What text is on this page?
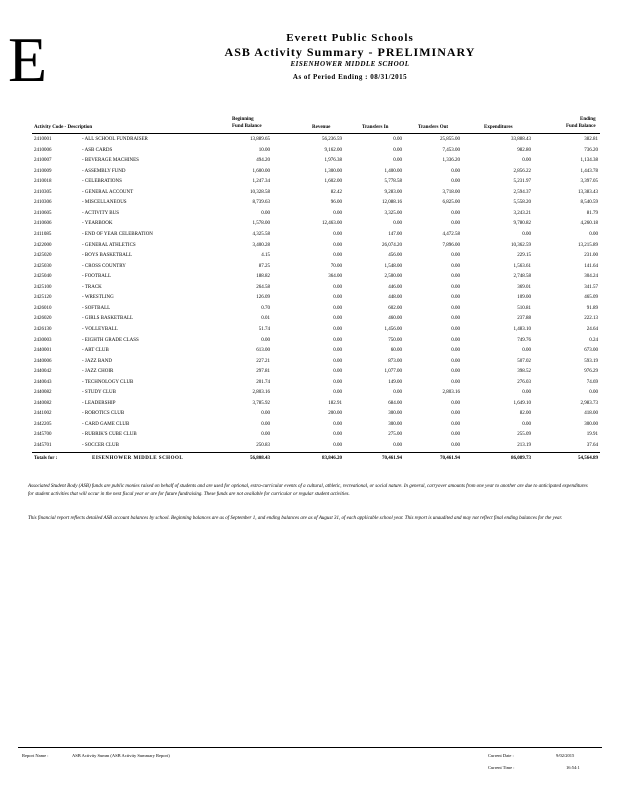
E	Everett Public Schools
ASB Activity Summary - PRELIMINARY
EISENHOWER MIDDLE SCHOOL
As of Period Ending : 08/31/2015
Activity Code - Description
Beginning
Fund Balance	Revenue	Transfers In	Transfers Out	Expenditures
Ending
Fund Balance
2410001	- ALL SCHOOL FUNDRAISER	13,889.65	56,236.59	0.00	25,855.00	33,888.43	382.81
2410006	- ASB CARDS	10.00	9,162.00	0.00	7,453.00	982.80	736.20
2410007	- BEVERAGE MACHINES	494.20	1,976.38	0.00	1,336.20	0.00	1,134.38
2410009	- ASSEMBLY FUND	1,600.00	1,300.00	1,400.00	0.00	2,856.22	1,443.78
2410018	- CELEBRATIONS	1,247.34	1,602.00	5,778.58	0.00	5,231.97	3,397.05
2410305	- GENERAL ACCOUNT	10,328.58	82.42	9,283.00	3,718.00	2,594.37	13,383.43
2410306	- MISCELLANEOUS	8,739.63	96.00	12,088.16	6,825.00	5,558.20	8,540.59
2410605	- ACTIVITY BUS	0.00	0.00	3,325.00	0.00	3,243.21	81.79
2410606	- YEARBOOK	1,578.00	12,463.00	0.00	0.00	9,780.82	4,260.18
2411085	- END OF YEAR CELEBRATION	4,325.58	0.00	147.00	4,472.58	0.00	0.00
2422000	- GENERAL ATHLETICS	3,400.28	0.00	26,074.20	7,896.00	10,362.59	13,215.89
2425020	- BOYS BASKETBALL	4.15	0.00	456.00	0.00	229.15	231.00
2425030	- CROSS COUNTRY	87.25	70.00	1,548.00	0.00	1,563.61	141.64
2425040	- FOOTBALL	188.82	364.00	2,500.00	0.00	2,748.58	304.24
2425100	- TRACK	264.58	0.00	446.00	0.00	369.01	341.57
2425120	- WRESTLING	126.09	0.00	448.00	0.00	109.00	465.09
2426010	- SOFTBALL	0.70	0.00	602.00	0.00	510.81	91.89
2426020	- GIRLS BASKETBALL	0.01	0.00	460.00	0.00	237.88	222.13
2426130	- VOLLEYBALL	51.74	0.00	1,456.00	0.00	1,483.10	24.64
2430003	- EIGHTH GRADE CLASS	0.00	0.00	750.00	0.00	749.76	0.24
2440001	- ART CLUB	613.00	0.00	60.00	0.00	0.00	673.00
2440006	- JAZZ BAND	227.21	0.00	873.00	0.00	507.02	593.19
2440042	- JAZZ CHOIR	297.81	0.00	1,077.00	0.00	398.52	976.29
2440043	- TECHNOLOGY CLUB	201.74	0.00	149.00	0.00	276.03	74.69
2440082	- STUDY CLUB	2,803.16	0.00	0.00	2,803.16	0.00	0.00
2440082	- LEADERSHIP	3,785.92	182.91	684.00	0.00	1,649.10	2,983.73
2441002	- ROBOTICS CLUB	0.00	200.00	300.00	0.00	82.00	418.00
2442205	- CARD GAME CLUB	0.00	0.00	300.00	0.00	0.00	300.00
2445700	- RUBRIK'S CUBE CLUB	0.00	0.00	275.00	0.00	255.09	19.91
2445701	- SOCCER CLUB	250.83	0.00	0.00	0.00	213.19	37.64
Totals for :	EISENHOWER MIDDLE SCHOOL	56,808.43	83,846.20	70,461.94	70,461.94	86,089.73	54,564.89
Associated Student Body (ASB) funds are public monies raised on behalf of students and are used for optional, extra-curricular events of a cultural, athletic, recreational, or social nature. In general, carryover amounts from one year to another are due to anticipated expenditures for student activities that will occur in the next fiscal year or are for future fundraising. These funds are not available for curricular or regular student activities.
This financial report reflects detailed ASB account balances by school. Beginning balances are as of September 1, and ending balances are as of August 31, of each applicable school year. This report is unaudited and may not reflect final ending balances for the year.
Report Name :	ASB Activity Summ (ASB Activity Summary Report)	Current Date :	9/02/2015
Current Time :	16:54:1
